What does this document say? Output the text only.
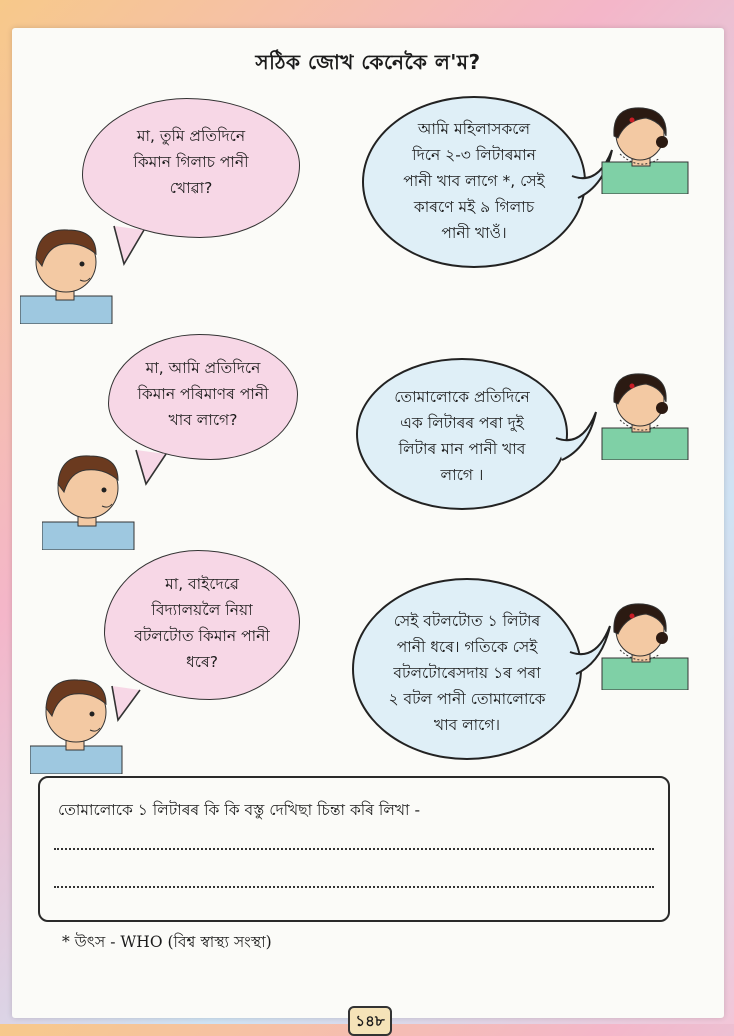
সঠিক জোখ কেনেকৈ ল'ম?

মা, তুমি প্ৰতিদিনে
কিমান গিলাচ পানী
খোৱা?

আমি মহিলাসকলে
দিনে ২-৩ লিটাৰমান
পানী খাব লাগে *, সেই
কাৰণে মই ৯ গিলাচ
পানী খাওঁ।

মা, আমি প্ৰতিদিনে
কিমান পৰিমাণৰ পানী
খাব লাগে?

তোমালোকে প্ৰতিদিনে
এক লিটাৰৰ পৰা দুই
লিটাৰ মান পানী খাব
লাগে ।

মা, বাইদেৱে
বিদ্যালয়লৈ নিয়া
বটলটোত কিমান পানী
ধৰে?

সেই বটলটোত ১ লিটাৰ
পানী ধৰে। গতিকে সেই
বটলটোৰেসদায় ১ৰ পৰা
২ বটল পানী তোমালোকে
খাব লাগে।

তোমালোকে ১ লিটাৰৰ কি কি বস্তু দেখিছা চিন্তা কৰি লিখা -
* উৎস - WHO (বিশ্ব স্বাস্থ্য সংস্থা)
১৪৮
